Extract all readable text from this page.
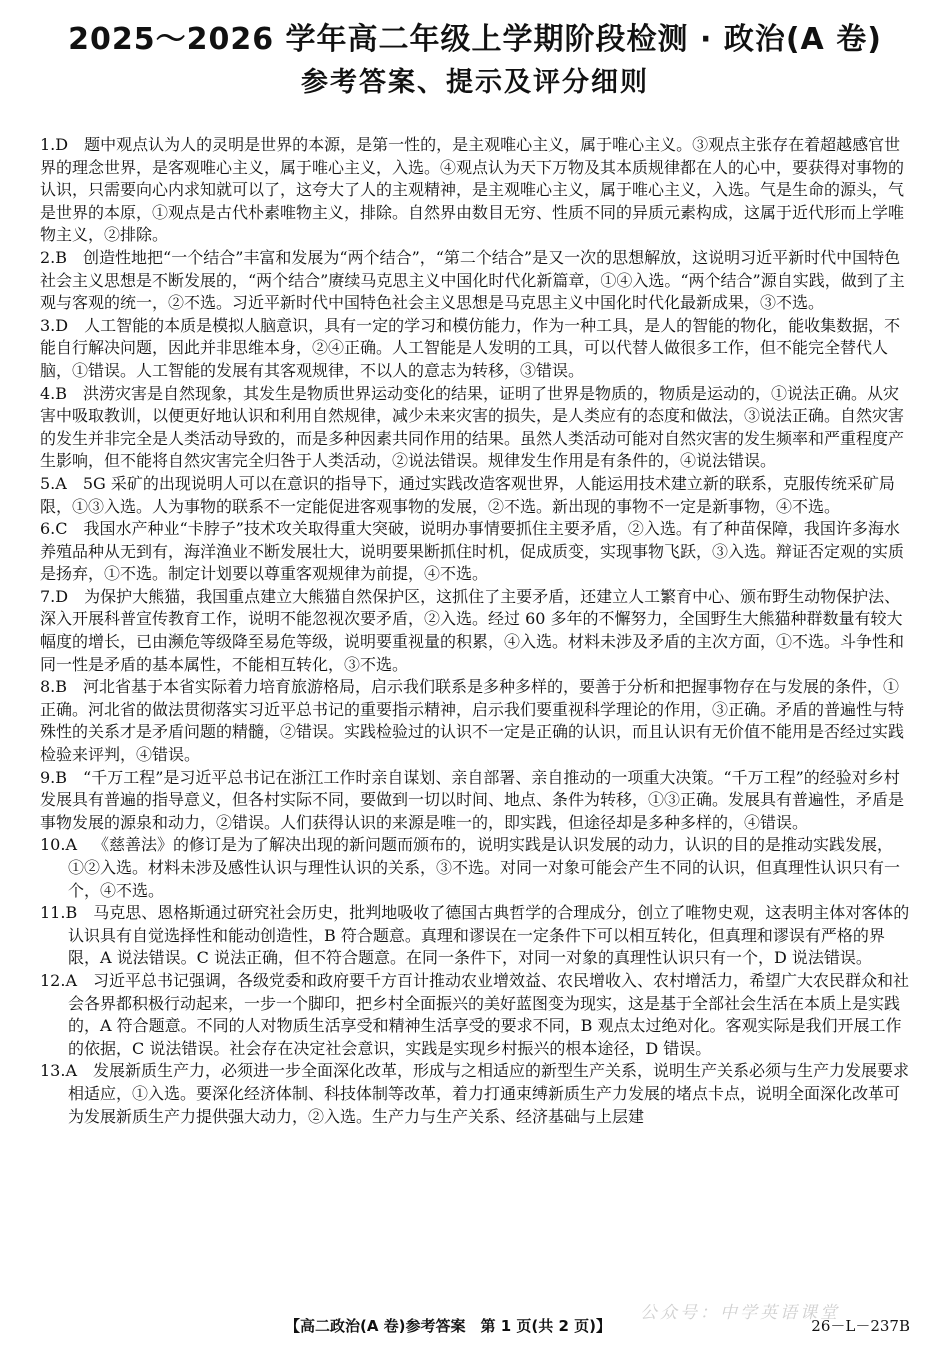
2025～2026 学年高二年级上学期阶段检测 · 政治(A 卷)
参考答案、提示及评分细则
1.D 题中观点认为人的灵明是世界的本源，是第一性的，是主观唯心主义，属于唯心主义。③观点主张存在着超越感官世界的理念世界，是客观唯心主义，属于唯心主义，入选。④观点认为天下万物及其本质规律都在人的心中，要获得对事物的认识，只需要向心内求知就可以了，这夸大了人的主观精神，是主观唯心主义，属于唯心主义，入选。气是生命的源头，气是世界的本原，①观点是古代朴素唯物主义，排除。自然界由数目无穷、性质不同的异质元素构成，这属于近代形而上学唯物主义，②排除。
2.B 创造性地把“一个结合”丰富和发展为“两个结合”，“第二个结合”是又一次的思想解放，这说明习近平新时代中国特色社会主义思想是不断发展的，“两个结合”赓续马克思主义中国化时代化新篇章，①④入选。“两个结合”源自实践，做到了主观与客观的统一，②不选。习近平新时代中国特色社会主义思想是马克思主义中国化时代化最新成果，③不选。
3.D 人工智能的本质是模拟人脑意识，具有一定的学习和模仿能力，作为一种工具，是人的智能的物化，能收集数据，不能自行解决问题，因此并非思维本身，②④正确。人工智能是人发明的工具，可以代替人做很多工作，但不能完全替代人脑，①错误。人工智能的发展有其客观规律，不以人的意志为转移，③错误。
4.B 洪涝灾害是自然现象，其发生是物质世界运动变化的结果，证明了世界是物质的，物质是运动的，①说法正确。从灾害中吸取教训，以便更好地认识和利用自然规律，减少未来灾害的损失，是人类应有的态度和做法，③说法正确。自然灾害的发生并非完全是人类活动导致的，而是多种因素共同作用的结果。虽然人类活动可能对自然灾害的发生频率和严重程度产生影响，但不能将自然灾害完全归咎于人类活动，②说法错误。规律发生作用是有条件的，④说法错误。
5.A 5G 采矿的出现说明人可以在意识的指导下，通过实践改造客观世界，人能运用技术建立新的联系，克服传统采矿局限，①③入选。人为事物的联系不一定能促进客观事物的发展，②不选。新出现的事物不一定是新事物，④不选。
6.C 我国水产种业“卡脖子”技术攻关取得重大突破，说明办事情要抓住主要矛盾，②入选。有了种苗保障，我国许多海水养殖品种从无到有，海洋渔业不断发展壮大，说明要果断抓住时机，促成质变，实现事物飞跃，③入选。辩证否定观的实质是扬弃，①不选。制定计划要以尊重客观规律为前提，④不选。
7.D 为保护大熊猫，我国重点建立大熊猫自然保护区，这抓住了主要矛盾，还建立人工繁育中心、颁布野生动物保护法、深入开展科普宣传教育工作，说明不能忽视次要矛盾，②入选。经过 60 多年的不懈努力，全国野生大熊猫种群数量有较大幅度的增长，已由濒危等级降至易危等级，说明要重视量的积累，④入选。材料未涉及矛盾的主次方面，①不选。斗争性和同一性是矛盾的基本属性，不能相互转化，③不选。
8.B 河北省基于本省实际着力培育旅游格局，启示我们联系是多种多样的，要善于分析和把握事物存在与发展的条件，①正确。河北省的做法贯彻落实习近平总书记的重要指示精神，启示我们要重视科学理论的作用，③正确。矛盾的普遍性与特殊性的关系才是矛盾问题的精髓，②错误。实践检验过的认识不一定是正确的认识，而且认识有无价值不能用是否经过实践检验来评判，④错误。
9.B “千万工程”是习近平总书记在浙江工作时亲自谋划、亲自部署、亲自推动的一项重大决策。“千万工程”的经验对乡村发展具有普遍的指导意义，但各村实际不同，要做到一切以时间、地点、条件为转移，①③正确。发展具有普遍性，矛盾是事物发展的源泉和动力，②错误。人们获得认识的来源是唯一的，即实践，但途径却是多种多样的，④错误。
10.A 《慈善法》的修订是为了解决出现的新问题而颁布的，说明实践是认识发展的动力，认识的目的是推动实践发展，①②入选。材料未涉及感性认识与理性认识的关系，③不选。对同一对象可能会产生不同的认识，但真理性认识只有一个，④不选。
11.B 马克思、恩格斯通过研究社会历史，批判地吸收了德国古典哲学的合理成分，创立了唯物史观，这表明主体对客体的认识具有自觉选择性和能动创造性，B 符合题意。真理和谬误在一定条件下可以相互转化，但真理和谬误有严格的界限，A 说法错误。C 说法正确，但不符合题意。在同一条件下，对同一对象的真理性认识只有一个，D 说法错误。
12.A 习近平总书记强调，各级党委和政府要千方百计推动农业增效益、农民增收入、农村增活力，希望广大农民群众和社会各界都积极行动起来，一步一个脚印，把乡村全面振兴的美好蓝图变为现实，这是基于全部社会生活在本质上是实践的，A 符合题意。不同的人对物质生活享受和精神生活享受的要求不同，B 观点太过绝对化。客观实际是我们开展工作的依据，C 说法错误。社会存在决定社会意识，实践是实现乡村振兴的根本途径，D 错误。
13.A 发展新质生产力，必须进一步全面深化改革，形成与之相适应的新型生产关系，说明生产关系必须与生产力发展要求相适应，①入选。要深化经济体制、科技体制等改革，着力打通束缚新质生产力发展的堵点卡点，说明全面深化改革可为发展新质生产力提供强大动力，②入选。生产力与生产关系、经济基础与上层建
公众号：中学英语课堂
【高二政治(A 卷)参考答案　第 1 页(共 2 页)】	26－L－237B
